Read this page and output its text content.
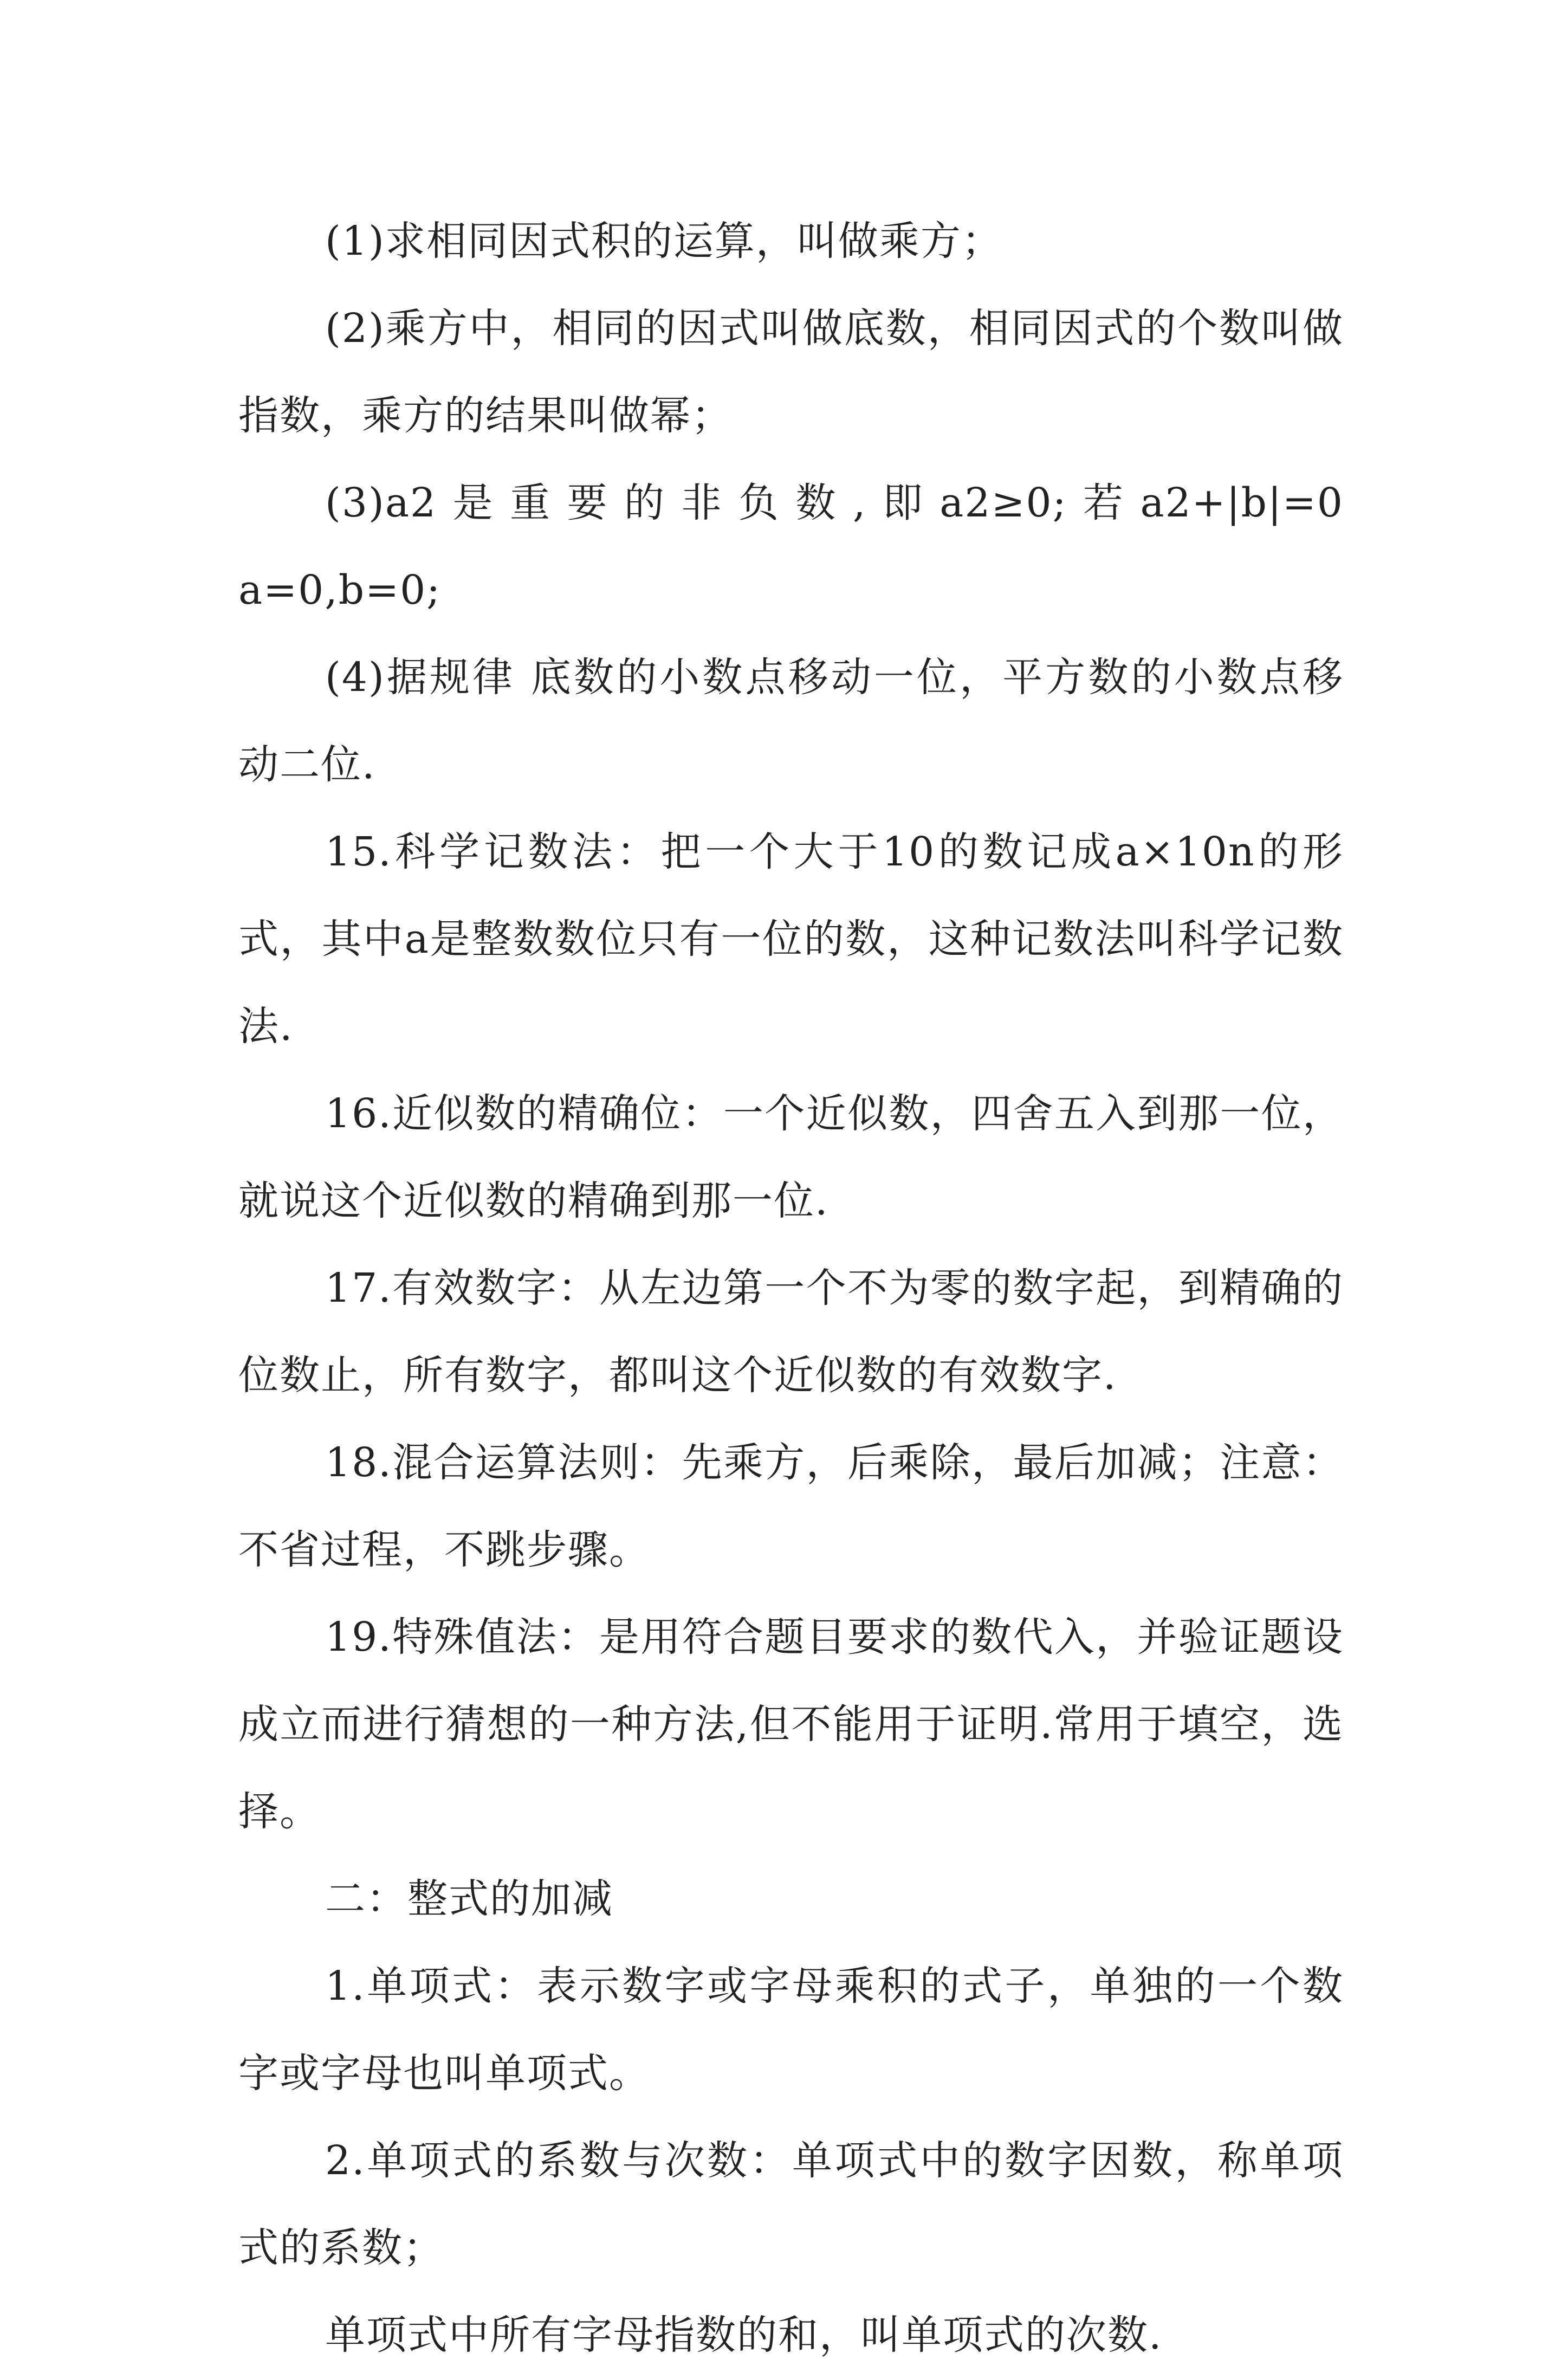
(1)求相同因式积的运算，叫做乘方；

(2)乘方中，相同的因式叫做底数，相同因式的个数叫做指数，乘方的结果叫做幂；

(3)a2是重要的非负数,即a2≥0;若a2+|b|=0 a=0,b=0;

(4)据规律 底数的小数点移动一位，平方数的小数点移动二位.

15.科学记数法：把一个大于10的数记成a×10n的形式，其中a是整数数位只有一位的数，这种记数法叫科学记数法.

16.近似数的精确位：一个近似数，四舍五入到那一位，就说这个近似数的精确到那一位.

17.有效数字：从左边第一个不为零的数字起，到精确的位数止，所有数字，都叫这个近似数的有效数字.

18.混合运算法则：先乘方，后乘除，最后加减；注意：不省过程，不跳步骤。

19.特殊值法：是用符合题目要求的数代入，并验证题设成立而进行猜想的一种方法,但不能用于证明.常用于填空，选择。

二：整式的加减

1.单项式：表示数字或字母乘积的式子，单独的一个数字或字母也叫单项式。

2.单项式的系数与次数：单项式中的数字因数，称单项式的系数；

单项式中所有字母指数的和，叫单项式的次数.
